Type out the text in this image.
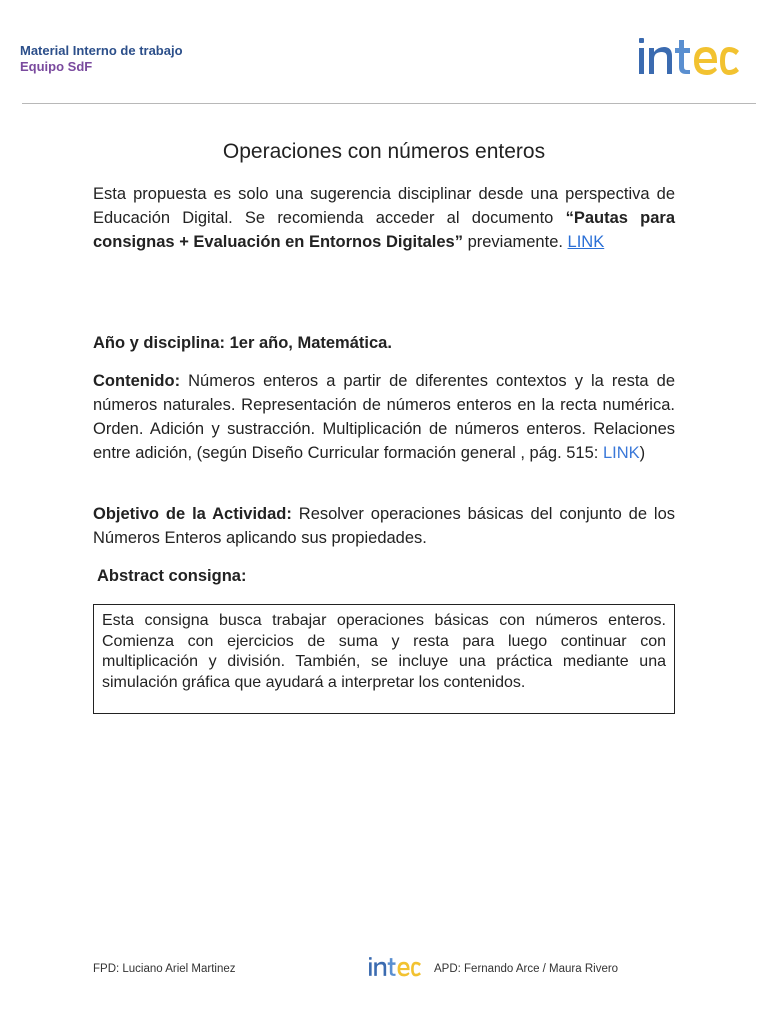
Material Interno de trabajo
Equipo SdF
Operaciones con números enteros
Esta propuesta es solo una sugerencia disciplinar desde una perspectiva de Educación Digital. Se recomienda acceder al documento “Pautas para consignas + Evaluación en Entornos Digitales” previamente. LINK
Año y disciplina: 1er año, Matemática.
Contenido: Números enteros a partir de diferentes contextos y la resta de números naturales. Representación de números enteros en la recta numérica. Orden. Adición y sustracción. Multiplicación de números enteros. Relaciones entre adición, (según Diseño Curricular formación general , pág. 515: LINK)
Objetivo de la Actividad: Resolver operaciones básicas del conjunto de los Números Enteros aplicando sus propiedades.
Abstract consigna:
Esta consigna busca trabajar operaciones básicas con números enteros. Comienza con ejercicios de suma y resta para luego continuar con multiplicación y división. También, se incluye una práctica mediante una simulación gráfica que ayudará a interpretar los contenidos.
FPD: Luciano Ariel Martinez	APD: Fernando Arce / Maura Rivero
